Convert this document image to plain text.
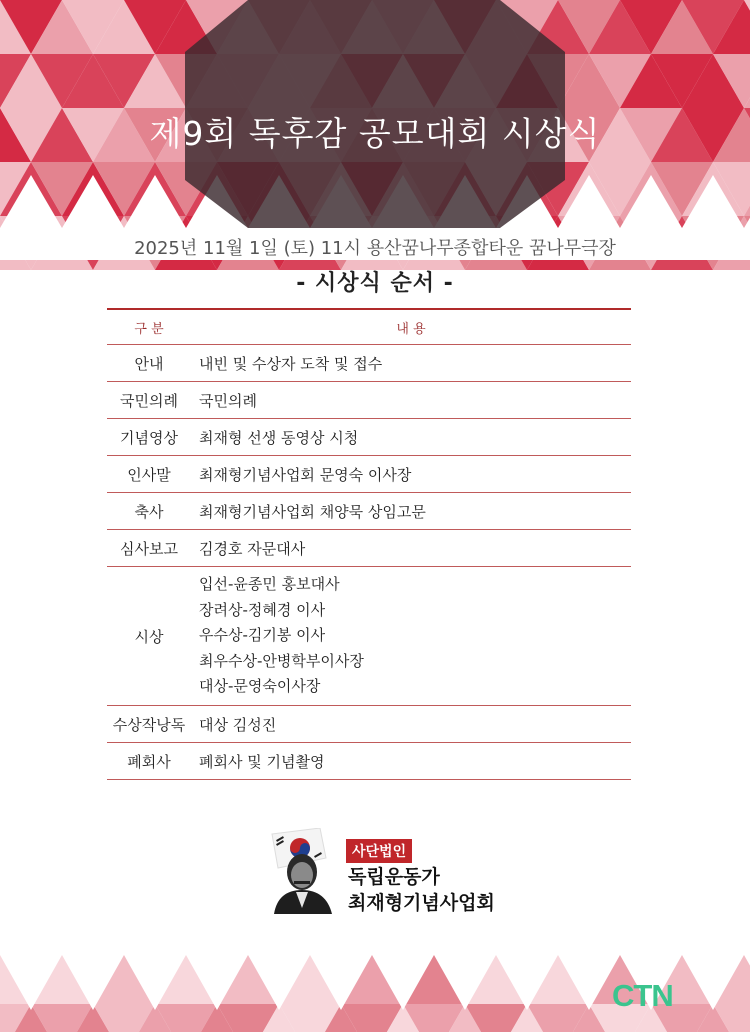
제9회 독후감 공모대회 시상식
2025년 11월 1일 (토) 11시 용산꿈나무종합타운 꿈나무극장
- 시상식 순서 -
구 분	내 용
안내	내빈 및 수상자 도착 및 접수
국민의례	국민의례
기념영상	최재형 선생 동영상 시청
인사말	최재형기념사업회 문영숙 이사장
축사	최재형기념사업회 채양묵 상임고문
심사보고	김경호 자문대사
시상	입선-윤종민 홍보대사
장려상-정혜경 이사
우수상-김기봉 이사
최우수상-안병학부이사장
대상-문영숙이사장

수상작낭독	대상 김성진
폐회사	폐회사 및 기념촬영
사단법인
독립운동가
최재형기념사업회
CTN
